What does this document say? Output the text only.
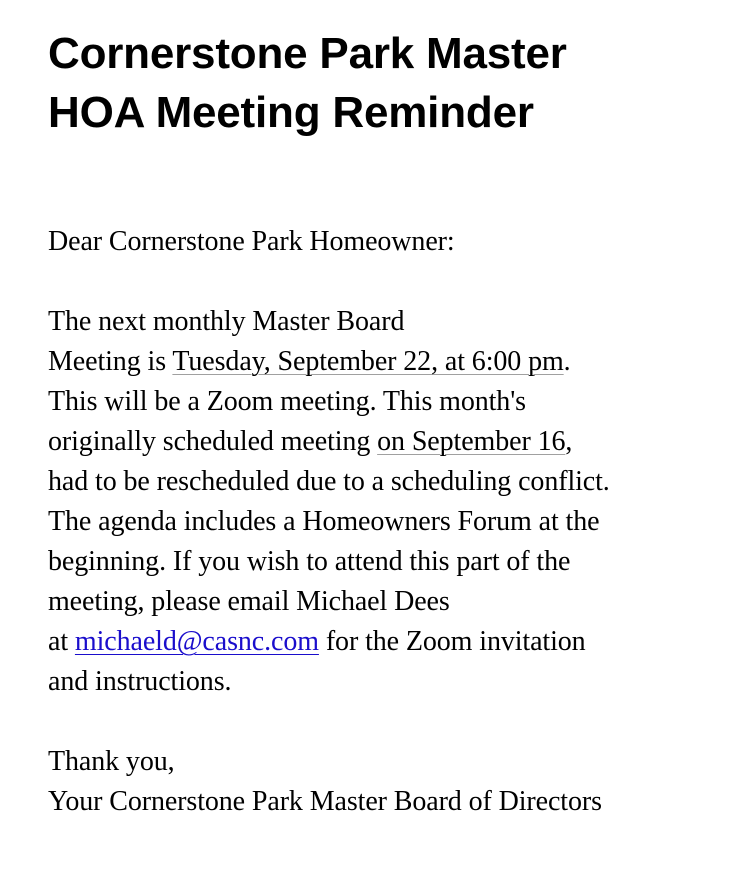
Cornerstone Park Master
HOA Meeting Reminder

Dear Cornerstone Park Homeowner:

The next monthly Master Board
Meeting is Tuesday, September 22, at 6:00 pm.
This will be a Zoom meeting. This month's
originally scheduled meeting on September 16,
had to be rescheduled due to a scheduling conflict.
The agenda includes a Homeowners Forum at the
beginning. If you wish to attend this part of the
meeting, please email Michael Dees
at michaeld@casnc.com for the Zoom invitation
and instructions.

Thank you,
Your Cornerstone Park Master Board of Directors
